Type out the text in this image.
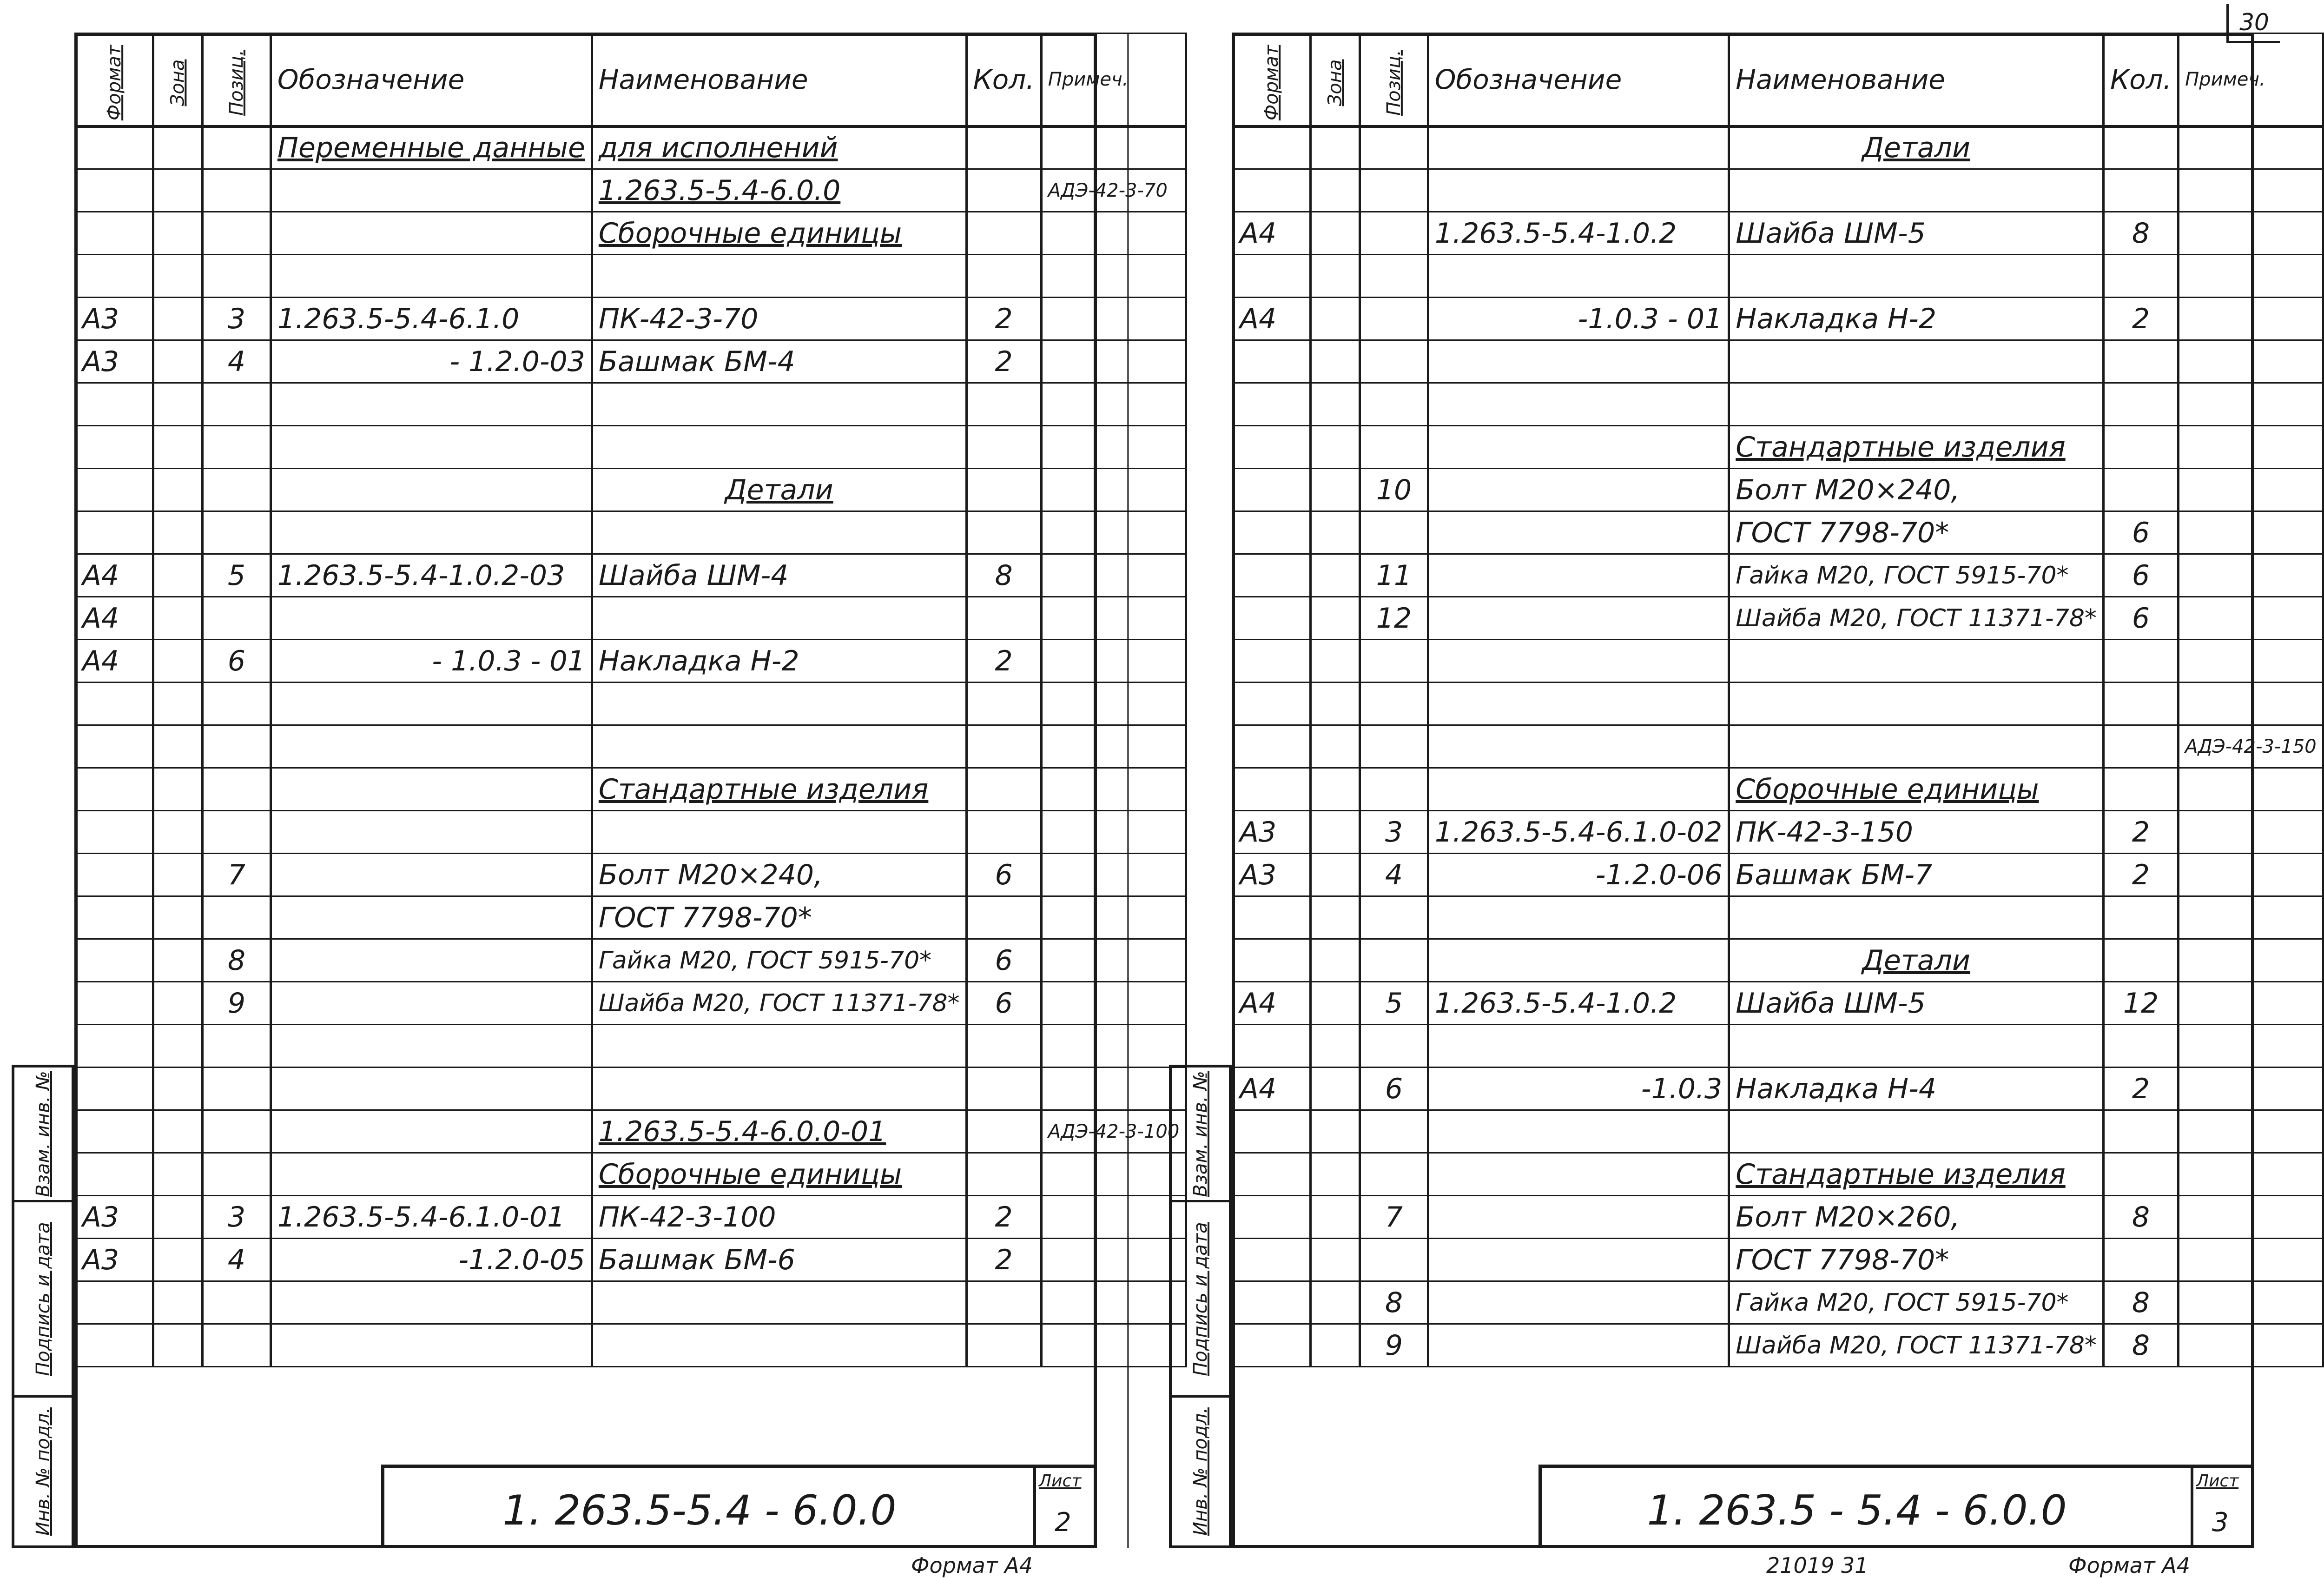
30
Взам. инв. №
Подпись и дата
Инв. № подл.
Формат	Зона	Позиц.	Обозначение	Наименование	Кол.	Примеч.
			Переменные данные	для исполнений		
				1.263.5-5.4-6.0.0		АДЭ-42-3-70
				Сборочные единицы		

А3		3	1.263.5-5.4-6.1.0	ПК-42-3-70	2	
А3		4	- 1.2.0-03	Башмак БМ-4	2	

				Детали		

А4		5	1.263.5-5.4-1.0.2-03	Шайба ШМ-4	8	
А4						
А4		6	- 1.0.3 - 01	Накладка Н-2	2	

				Стандартные изделия		

		7		Болт М20×240,	6	
				ГОСТ 7798-70*		
		8		Гайка М20, ГОСТ 5915-70*	6	
		9		Шайба М20, ГОСТ 11371-78*	6	

				1.263.5-5.4-6.0.0-01		АДЭ-42-3-100
				Сборочные единицы		
А3		3	1.263.5-5.4-6.1.0-01	ПК-42-3-100	2	
А3		4	-1.2.0-05	Башмак БМ-6	2	

1. 263.5-5.4 - 6.0.0
Лист
2
Формат А4
Взам. инв. №
Подпись и дата
Инв. № подл.
Формат	Зона	Позиц.	Обозначение	Наименование	Кол.	Примеч.
				Детали		

А4			1.263.5-5.4-1.0.2	Шайба ШМ-5	8	

А4			-1.0.3 - 01	Накладка Н-2	2	

				Стандартные изделия		
		10		Болт М20×240,		
				ГОСТ 7798-70*	6	
		11		Гайка М20, ГОСТ 5915-70*	6	
		12		Шайба М20, ГОСТ 11371-78*	6	

						АДЭ-42-3-150
				Сборочные единицы		
А3		3	1.263.5-5.4-6.1.0-02	ПК-42-3-150	2	
А3		4	-1.2.0-06	Башмак БМ-7	2	

				Детали		
А4		5	1.263.5-5.4-1.0.2	Шайба ШМ-5	12	

А4		6	-1.0.3	Накладка Н-4	2	

				Стандартные изделия		
		7		Болт М20×260,	8	
				ГОСТ 7798-70*		
		8		Гайка М20, ГОСТ 5915-70*	8	
		9		Шайба М20, ГОСТ 11371-78*	8	
1. 263.5 - 5.4 - 6.0.0
Лист
3
21019 31	Формат А4
